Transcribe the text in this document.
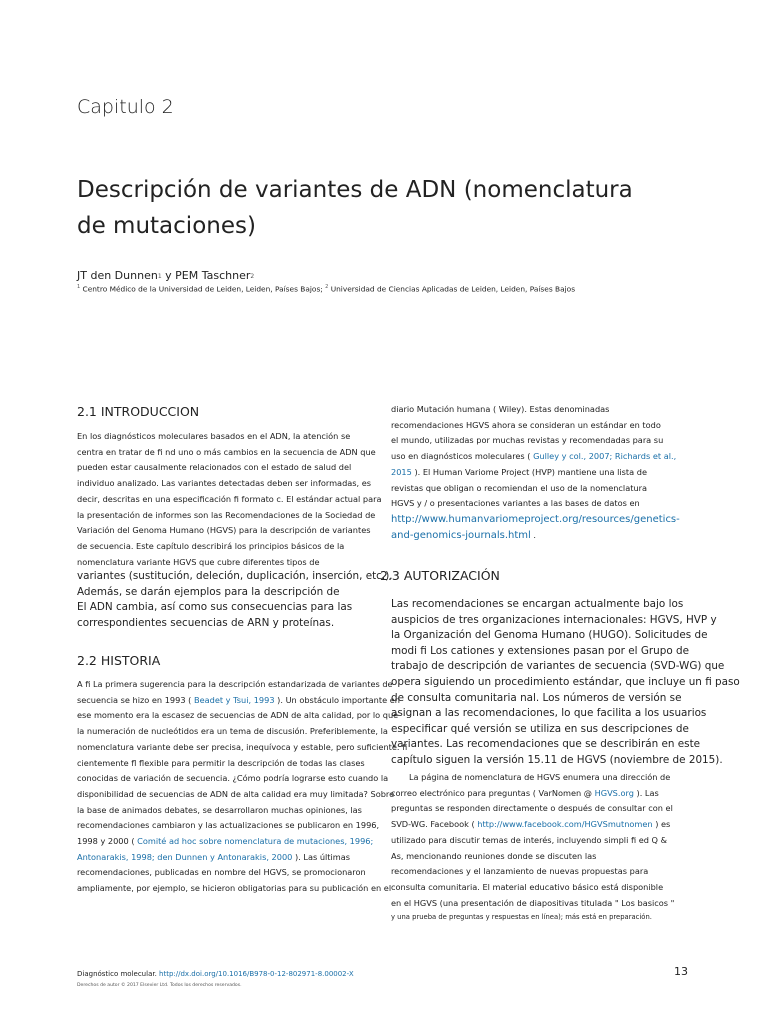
Capitulo 2
Descripción de variantes de ADN (nomenclatura
de mutaciones)
JT den Dunnen$^1$ y PEM Taschner$^2$
$^1$ Centro Médico de la Universidad de Leiden, Leiden, Países Bajos; $^2$ Universidad de Ciencias Aplicadas de Leiden, Leiden, Países Bajos
2.1 INTRODUCCION
En los diagnósticos moleculares basados en el ADN, la atención se
centra en tratar de fi nd uno o más cambios en la secuencia de ADN que
pueden estar causalmente relacionados con el estado de salud del
individuo analizado. Las variantes detectadas deben ser informadas, es
decir, descritas en una especificación fi formato c. El estándar actual para
la presentación de informes son las Recomendaciones de la Sociedad de
Variación del Genoma Humano (HGVS) para la descripción de variantes
de secuencia. Este capítulo describirá los principios básicos de la
nomenclatura variante HGVS que cubre diferentes tipos de
variantes (sustitución, deleción, duplicación, inserción, etc.).
Además, se darán ejemplos para la descripción de
El ADN cambia, así como sus consecuencias para las
correspondientes secuencias de ARN y proteínas.
2.3 AUTORIZACIÓN
2.2 HISTORIA
A fi La primera sugerencia para la descripción estandarizada de variantes de
secuencia se hizo en 1993 ( Beadet y Tsui, 1993 ). Un obstáculo importante en
ese momento era la escasez de secuencias de ADN de alta calidad, por lo que
la numeración de nucleótidos era un tema de discusión. Preferiblemente, la
nomenclatura variante debe ser precisa, inequívoca y estable, pero suficiente. fi
cientemente fl flexible para permitir la descripción de todas las clases
conocidas de variación de secuencia. ¿Cómo podría lograrse esto cuando la
disponibilidad de secuencias de ADN de alta calidad era muy limitada? Sobre
la base de animados debates, se desarrollaron muchas opiniones, las
recomendaciones cambiaron y las actualizaciones se publicaron en 1996,
1998 y 2000 ( Comité ad hoc sobre nomenclatura de mutaciones, 1996;
Antonarakis, 1998; den Dunnen y Antonarakis, 2000 ). Las últimas
recomendaciones, publicadas en nombre del HGVS, se promocionaron
ampliamente, por ejemplo, se hicieron obligatorias para su publicación en el
diario Mutación humana ( Wiley). Estas denominadas
recomendaciones HGVS ahora se consideran un estándar en todo
el mundo, utilizadas por muchas revistas y recomendadas para su
uso en diagnósticos moleculares ( Gulley y col., 2007; Richards et al.,
2015 ). El Human Variome Project (HVP) mantiene una lista de
revistas que obligan o recomiendan el uso de la nomenclatura
HGVS y / o presentaciones variantes a las bases de datos en
http://www.humanvariomeproject.org/resources/genetics-
and-genomics-journals.html .
Las recomendaciones se encargan actualmente bajo los
auspicios de tres organizaciones internacionales: HGVS, HVP y
la Organización del Genoma Humano (HUGO). Solicitudes de
modi fi Los cationes y extensiones pasan por el Grupo de
trabajo de descripción de variantes de secuencia (SVD-WG) que
opera siguiendo un procedimiento estándar, que incluye un fi paso
de consulta comunitaria nal. Los números de versión se
asignan a las recomendaciones, lo que facilita a los usuarios
especificar qué versión se utiliza en sus descripciones de
variantes. Las recomendaciones que se describirán en este
capítulo siguen la versión 15.11 de HGVS (noviembre de 2015).
La página de nomenclatura de HGVS enumera una dirección de
correo electrónico para preguntas ( VarNomen @ HGVS.org ). Las
preguntas se responden directamente o después de consultar con el
SVD-WG. Facebook ( http://www.facebook.com/HGVSmutnomen ) es
utilizado para discutir temas de interés, incluyendo simpli fi ed Q &
As, mencionando reuniones donde se discuten las
recomendaciones y el lanzamiento de nuevas propuestas para
consulta comunitaria. El material educativo básico está disponible
en el HGVS (una presentación de diapositivas titulada " Los basicos "
y una prueba de preguntas y respuestas en línea); más está en preparación.
Diagnóstico molecular. http://dx.doi.org/10.1016/B978-0-12-802971-8.00002-X
Derechos de autor © 2017 Elsevier Ltd. Todos los derechos reservados.
13
